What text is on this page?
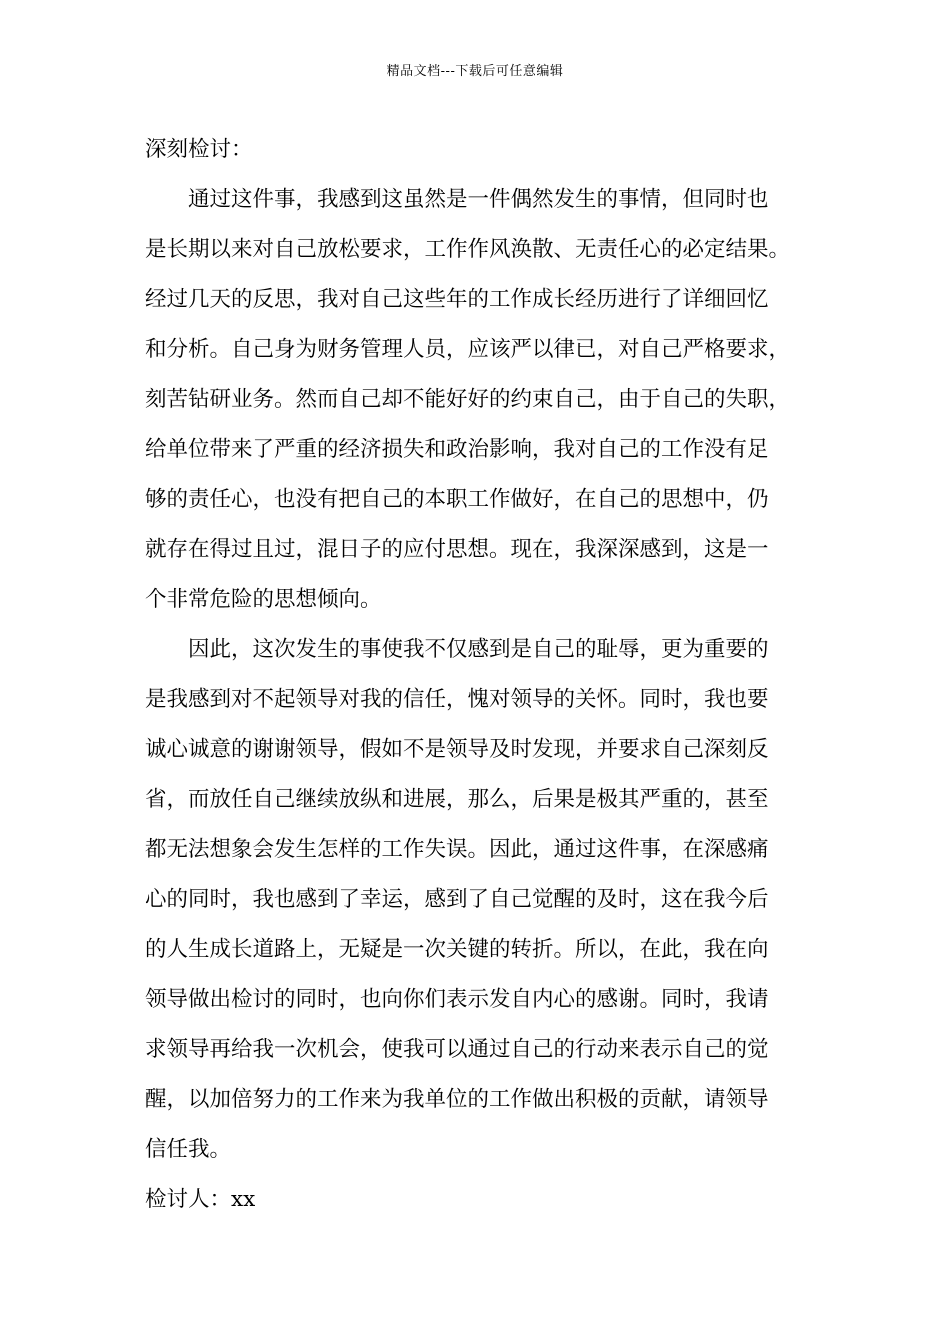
精品文档---下载后可任意编辑

深刻检讨：

通过这件事，我感到这虽然是一件偶然发生的事情，但同时也
是长期以来对自己放松要求，工作作风涣散、无责任心的必定结果。
经过几天的反思，我对自己这些年的工作成长经历进行了详细回忆
和分析。自己身为财务管理人员，应该严以律已，对自己严格要求，
刻苦钻研业务。然而自己却不能好好的约束自己，由于自己的失职，
给单位带来了严重的经济损失和政治影响，我对自己的工作没有足
够的责任心，也没有把自己的本职工作做好，在自己的思想中，仍
就存在得过且过，混日子的应付思想。现在，我深深感到，这是一
个非常危险的思想倾向。
因此，这次发生的事使我不仅感到是自己的耻辱，更为重要的
是我感到对不起领导对我的信任，愧对领导的关怀。同时，我也要
诚心诚意的谢谢领导，假如不是领导及时发现，并要求自己深刻反
省，而放任自己继续放纵和进展，那么，后果是极其严重的，甚至
都无法想象会发生怎样的工作失误。因此，通过这件事，在深感痛
心的同时，我也感到了幸运，感到了自己觉醒的及时，这在我今后
的人生成长道路上，无疑是一次关键的转折。所以，在此，我在向
领导做出检讨的同时，也向你们表示发自内心的感谢。同时，我请
求领导再给我一次机会，使我可以通过自己的行动来表示自己的觉
醒，以加倍努力的工作来为我单位的工作做出积极的贡献，请领导
信任我。

检讨人：xx
